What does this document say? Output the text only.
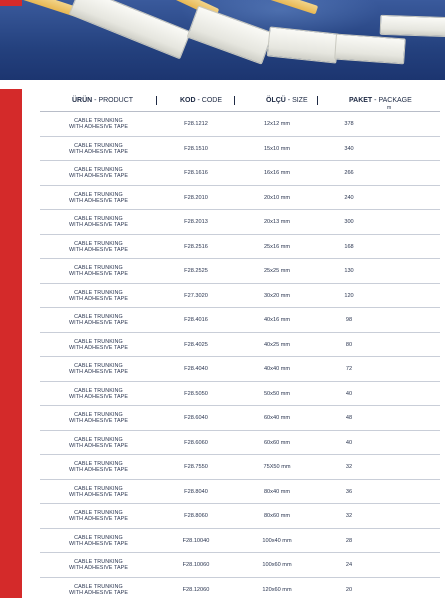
ÜRÜN - PRODUCT	KOD - CODE	ÖLÇÜ - SIZE	PAKET - PACKAGE
m
CABLE TRUNKING
WITH ADHESIVE TAPE
F28.1212	12x12 mm	378
CABLE TRUNKING
WITH ADHESIVE TAPE
F28.1510	15x10 mm	340
CABLE TRUNKING
WITH ADHESIVE TAPE
F28.1616	16x16 mm	266
CABLE TRUNKING
WITH ADHESIVE TAPE
F28.2010	20x10 mm	240
CABLE TRUNKING
WITH ADHESIVE TAPE
F28.2013	20x13 mm	300
CABLE TRUNKING
WITH ADHESIVE TAPE
F28.2516	25x16 mm	168
CABLE TRUNKING
WITH ADHESIVE TAPE
F28.2525	25x25 mm	130
CABLE TRUNKING
WITH ADHESIVE TAPE
F27.3020	30x20 mm	120
CABLE TRUNKING
WITH ADHESIVE TAPE
F28.4016	40x16 mm	98
CABLE TRUNKING
WITH ADHESIVE TAPE
F28.4025	40x25 mm	80
CABLE TRUNKING
WITH ADHESIVE TAPE
F28.4040	40x40 mm	72
CABLE TRUNKING
WITH ADHESIVE TAPE
F28.5050	50x50 mm	40
CABLE TRUNKING
WITH ADHESIVE TAPE
F28.6040	60x40 mm	48
CABLE TRUNKING
WITH ADHESIVE TAPE
F28.6060	60x60 mm	40
CABLE TRUNKING
WITH ADHESIVE TAPE
F28.7550	75X50 mm	32
CABLE TRUNKING
WITH ADHESIVE TAPE
F28.8040	80x40 mm	36
CABLE TRUNKING
WITH ADHESIVE TAPE
F28.8060	80x60 mm	32
CABLE TRUNKING
WITH ADHESIVE TAPE
F28.10040	100x40 mm	28
CABLE TRUNKING
WITH ADHESIVE TAPE
F28.10060	100x60 mm	24
CABLE TRUNKING
WITH ADHESIVE TAPE
F28.12060	120x60 mm	20
